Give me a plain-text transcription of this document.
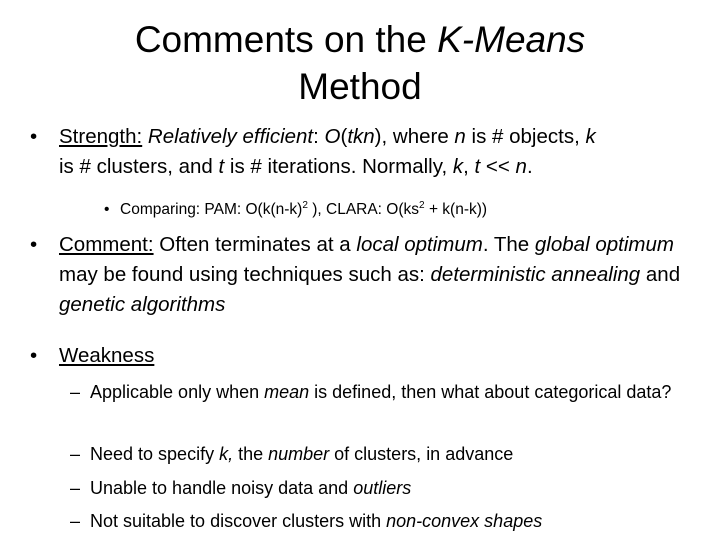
Comments on the K-Means
Method
• Strength: Relatively efficient: O(tkn), where n is # objects, k
is # clusters, and t is # iterations. Normally, k, t << n.
• Comparing: PAM: $O(k(n-k)^2$ ), CLARA: $O(ks^2 + k(n-k))$
• Comment: Often terminates at a local optimum. The global optimum may be found using techniques such as: deterministic annealing and genetic algorithms
• Weakness
– Applicable only when mean is defined, then what about categorical data?
– Need to specify k, the number of clusters, in advance
– Unable to handle noisy data and outliers
– Not suitable to discover clusters with non-convex shapes
